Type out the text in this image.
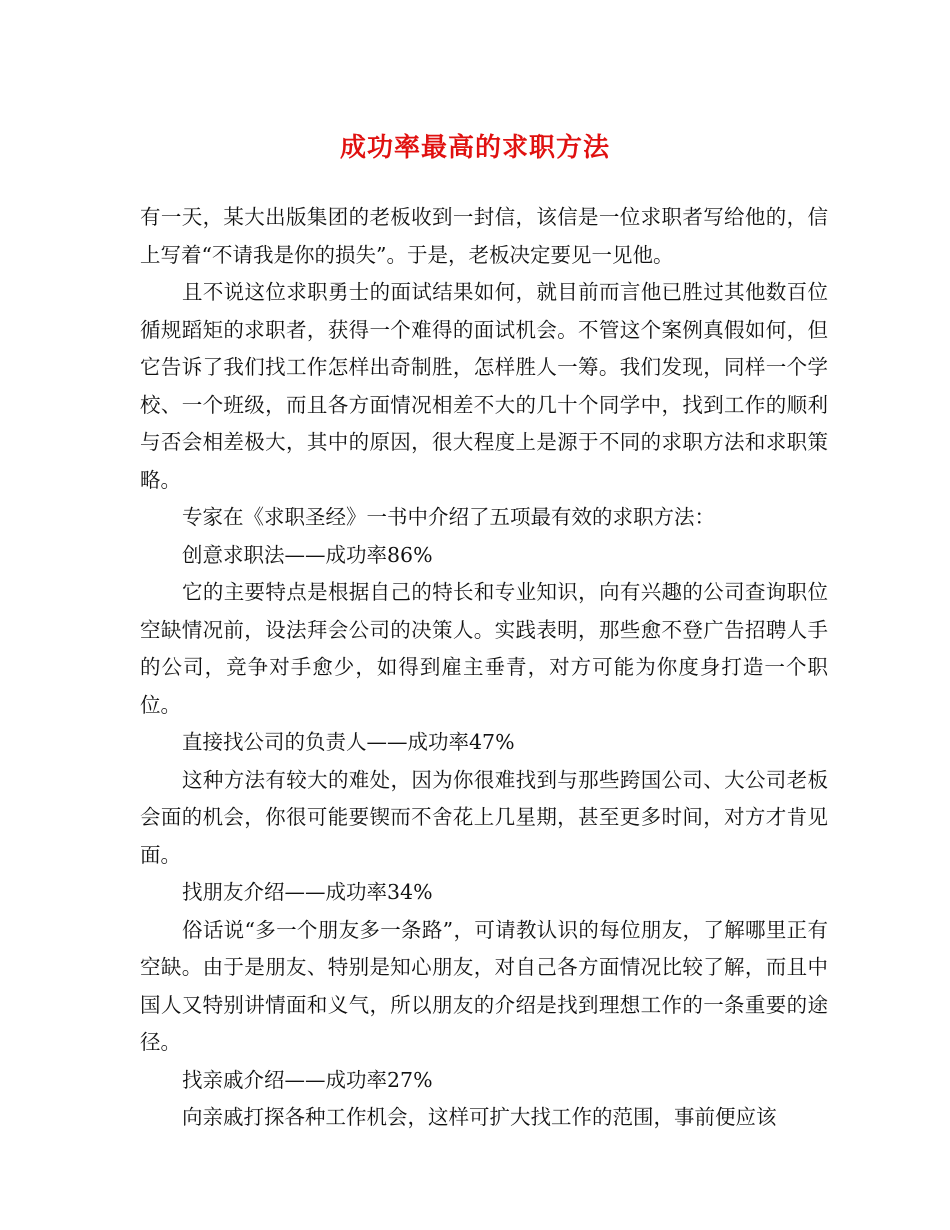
成功率最高的求职方法

有一天，某大出版集团的老板收到一封信，该信是一位求职者写给他的，信上写着“不请我是你的损失”。于是，老板决定要见一见他。

且不说这位求职勇士的面试结果如何，就目前而言他已胜过其他数百位循规蹈矩的求职者，获得一个难得的面试机会。不管这个案例真假如何，但它告诉了我们找工作怎样出奇制胜，怎样胜人一筹。我们发现，同样一个学校、一个班级，而且各方面情况相差不大的几十个同学中，找到工作的顺利与否会相差极大，其中的原因，很大程度上是源于不同的求职方法和求职策略。

专家在《求职圣经》一书中介绍了五项最有效的求职方法：

创意求职法——成功率86%

它的主要特点是根据自己的特长和专业知识，向有兴趣的公司查询职位空缺情况前，设法拜会公司的决策人。实践表明，那些愈不登广告招聘人手的公司，竞争对手愈少，如得到雇主垂青，对方可能为你度身打造一个职位。

直接找公司的负责人——成功率47%

这种方法有较大的难处，因为你很难找到与那些跨国公司、大公司老板会面的机会，你很可能要锲而不舍花上几星期，甚至更多时间，对方才肯见面。

找朋友介绍——成功率34%

俗话说“多一个朋友多一条路”，可请教认识的每位朋友，了解哪里正有空缺。由于是朋友、特别是知心朋友，对自己各方面情况比较了解，而且中国人又特别讲情面和义气，所以朋友的介绍是找到理想工作的一条重要的途径。

找亲戚介绍——成功率27%

向亲戚打探各种工作机会，这样可扩大找工作的范围，事前便应该
